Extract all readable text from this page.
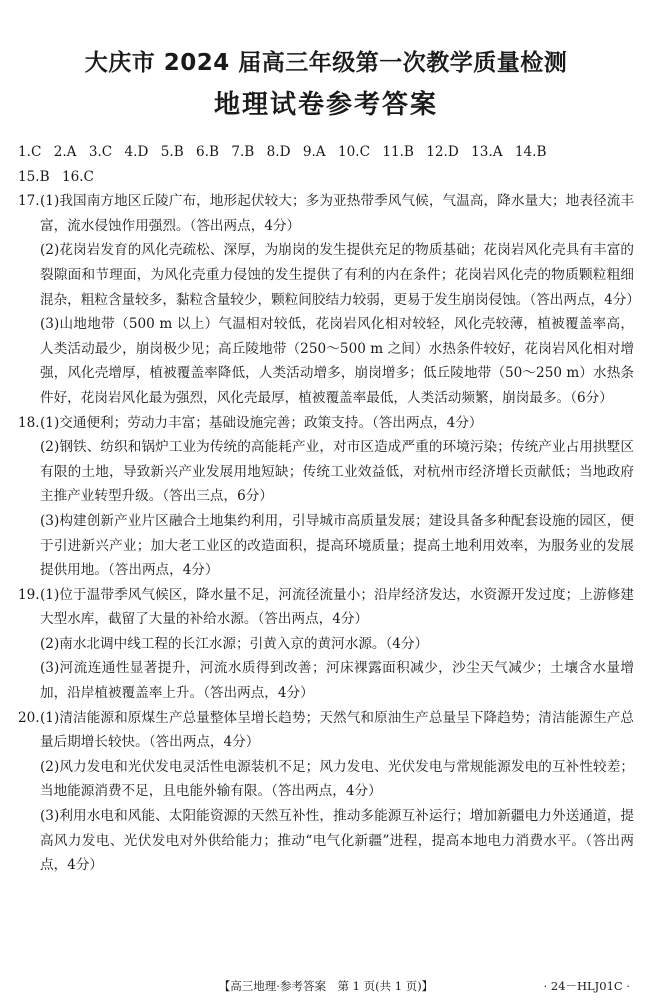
大庆市 2024 届高三年级第一次教学质量检测
地理试卷参考答案
1.C 2.A 3.C 4.D 5.B 6.B 7.B 8.D 9.A 10.C 11.B 12.D 13.A 14.B
15.B 16.C
17. (1)我国南方地区丘陵广布，地形起伏较大；多为亚热带季风气候，气温高，降水量大；地表径流丰富，流水侵蚀作用强烈。（答出两点，4分）
(2)花岗岩发育的风化壳疏松、深厚，为崩岗的发生提供充足的物质基础；花岗岩风化壳具有丰富的裂隙面和节理面，为风化壳重力侵蚀的发生提供了有利的内在条件；花岗岩风化壳的物质颗粒粗细混杂，粗粒含量较多，黏粒含量较少，颗粒间胶结力较弱，更易于发生崩岗侵蚀。（答出两点，4分）
(3)山地地带（500 m 以上）气温相对较低，花岗岩风化相对较轻，风化壳较薄，植被覆盖率高，人类活动最少，崩岗极少见；高丘陵地带（250～500 m 之间）水热条件较好，花岗岩风化相对增强，风化壳增厚，植被覆盖率降低，人类活动增多，崩岗增多；低丘陵地带（50～250 m）水热条件好，花岗岩风化最为强烈，风化壳最厚，植被覆盖率最低，人类活动频繁，崩岗最多。（6分）
18. (1)交通便利；劳动力丰富；基础设施完善；政策支持。（答出两点，4分）
(2)钢铁、纺织和锅炉工业为传统的高能耗产业，对市区造成严重的环境污染；传统产业占用拱墅区有限的土地，导致新兴产业发展用地短缺；传统工业效益低，对杭州市经济增长贡献低；当地政府主推产业转型升级。（答出三点，6分）
(3)构建创新产业片区融合土地集约利用，引导城市高质量发展；建设具备多种配套设施的园区，便于引进新兴产业；加大老工业区的改造面积，提高环境质量；提高土地利用效率，为服务业的发展提供用地。（答出两点，4分）
19. (1)位于温带季风气候区，降水量不足，河流径流量小；沿岸经济发达，水资源开发过度；上游修建大型水库，截留了大量的补给水源。（答出两点，4分）
(2)南水北调中线工程的长江水源；引黄入京的黄河水源。（4分）
(3)河流连通性显著提升，河流水质得到改善；河床裸露面积减少，沙尘天气减少；土壤含水量增加，沿岸植被覆盖率上升。（答出两点，4分）
20. (1)清洁能源和原煤生产总量整体呈增长趋势；天然气和原油生产总量呈下降趋势；清洁能源生产总量后期增长较快。（答出两点，4分）
(2)风力发电和光伏发电灵活性电源装机不足；风力发电、光伏发电与常规能源发电的互补性较差；当地能源消费不足，且电能外输有限。（答出两点，4分）
(3)利用水电和风能、太阳能资源的天然互补性，推动多能源互补运行；增加新疆电力外送通道，提高风力发电、光伏发电对外供给能力；推动“电气化新疆”进程，提高本地电力消费水平。（答出两点，4分）
【高三地理·参考答案　第 1 页(共 1 页)】	· 24－HLJ01C ·
